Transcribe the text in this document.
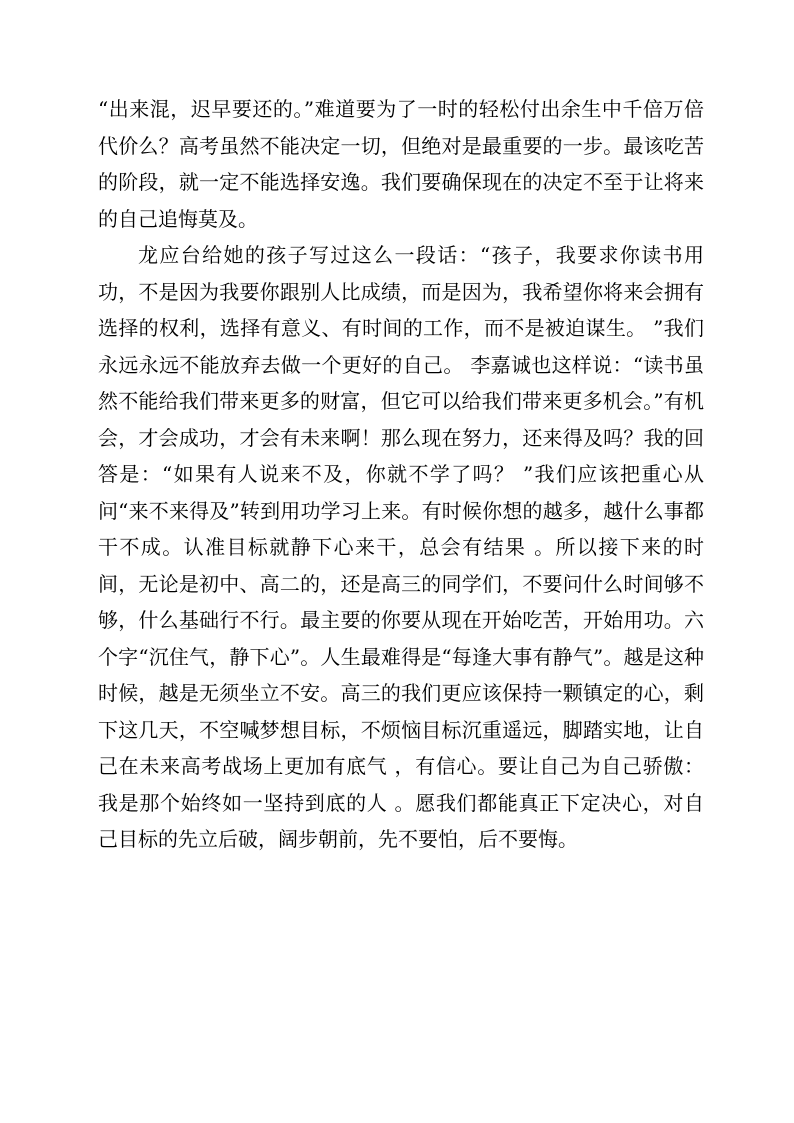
“出来混，迟早要还的。”难道要为了一时的轻松付出余生中千倍万倍代价么？高考虽然不能决定一切，但绝对是最重要的一步。最该吃苦的阶段，就一定不能选择安逸。我们要确保现在的决定不至于让将来的自己追悔莫及。

龙应台给她的孩子写过这么一段话：“孩子，我要求你读书用功，不是因为我要你跟别人比成绩，而是因为，我希望你将来会拥有选择的权利，选择有意义、有时间的工作，而不是被迫谋生。 ”我们永远永远不能放弃去做一个更好的自己。 李嘉诚也这样说：“读书虽然不能给我们带来更多的财富，但它可以给我们带来更多机会。”有机会，才会成功，才会有未来啊！那么现在努力，还来得及吗？我的回答是：“如果有人说来不及，你就不学了吗？ ”我们应该把重心从问“来不来得及”转到用功学习上来。有时候你想的越多，越什么事都干不成。认准目标就静下心来干，总会有结果 。所以接下来的时间，无论是初中、高二的，还是高三的同学们，不要问什么时间够不够，什么基础行不行。最主要的你要从现在开始吃苦，开始用功。六个字“沉住气，静下心”。人生最难得是“每逢大事有静气”。越是这种时候，越是无须坐立不安。高三的我们更应该保持一颗镇定的心，剩下这几天，不空喊梦想目标，不烦恼目标沉重遥远，脚踏实地，让自己在未来高考战场上更加有底气 ，有信心。要让自己为自己骄傲：我是那个始终如一坚持到底的人 。愿我们都能真正下定决心，对自己目标的先立后破，阔步朝前，先不要怕，后不要悔。
